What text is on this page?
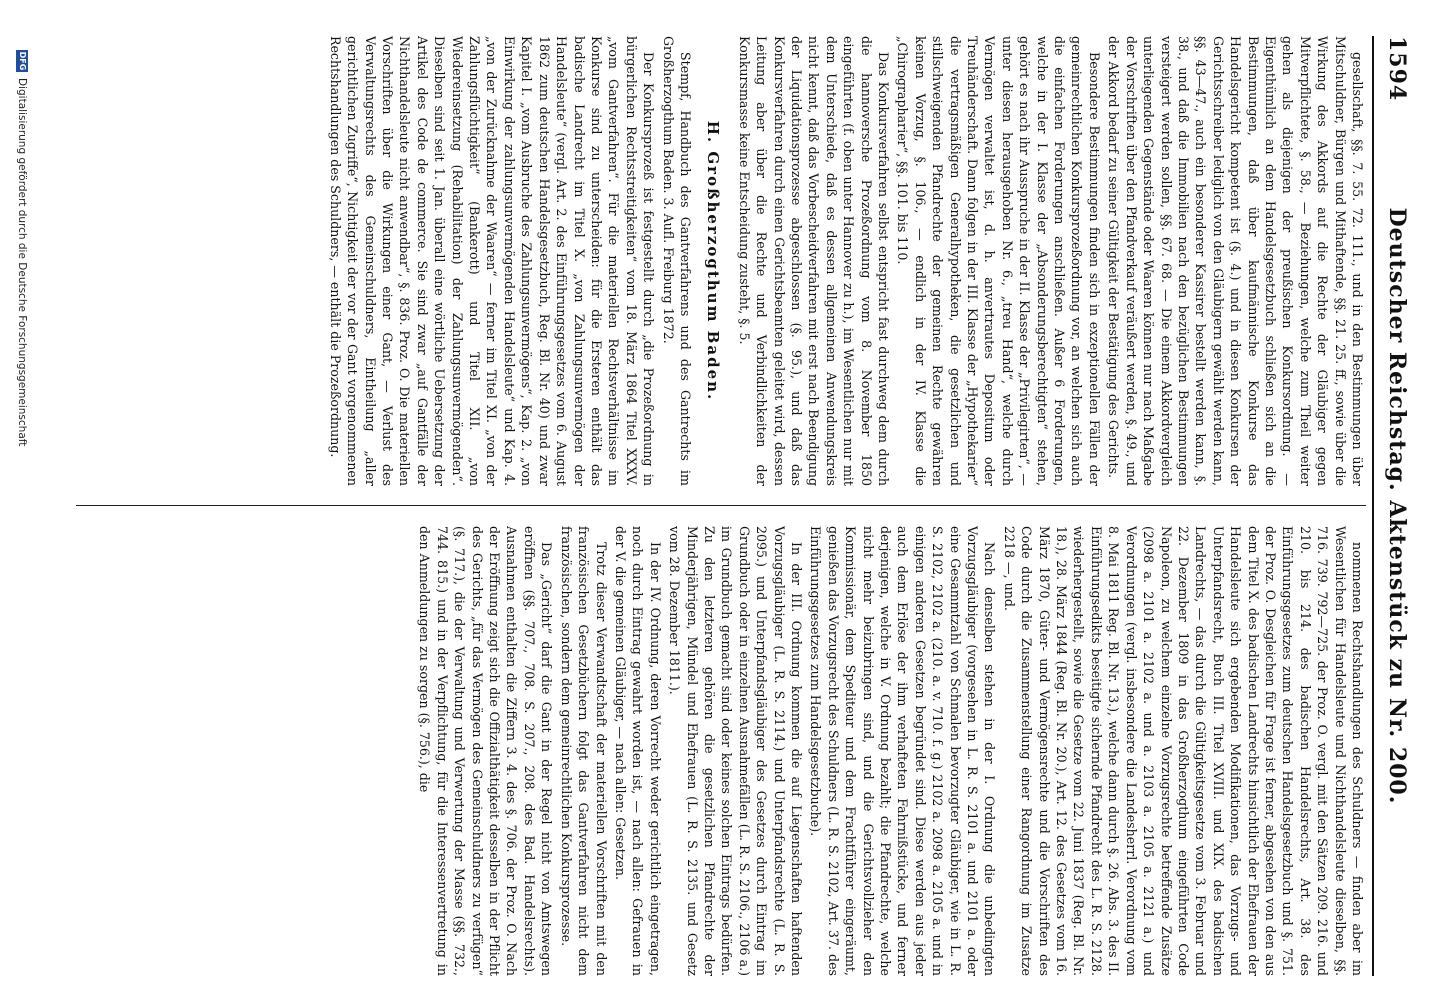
1594
Deutscher Reichstag. Aktenstück zu Nr. 200.

gesellschaft, §§. 7. 55. 72. 111., und in den Bestimmungen über Mitschuldner, Bürgen und Mithaftende, §§. 21. 25. ff., sowie über die Wirkung des Akkords auf die Rechte der Gläubiger gegen Mitverpflichtete, §. 58., — Beziehungen, welche zum Theil weiter gehen als diejenigen der preußischen Konkursordnung. — Eigenthümlich an dem Handelsgesetzbuch schließen sich an die Bestimmungen, daß über kaufmännische Konkurse das Handelsgericht kompetent ist (§. 4.) und in diesen Konkursen der Gerichtsschreiber lediglich von den Gläubigern gewählt werden kann, §§. 43—47., auch ein besonderer Kassirer bestellt werden kann, §. 38., und daß die Immobilien nach den bezüglichen Bestimmungen versteigert werden sollen, §§. 67. 68. — Die einem Akkordvergleich unterliegenden Gegenstände oder Waaren können nur nach Maßgabe der Vorschriften über den Pfandverkauf veräußert werden, §. 49., und der Akkord bedarf zu seiner Gültigkeit der Bestätigung des Gerichts.

Besondere Bestimmungen finden sich in exzeptionellen Fällen der gemeinrechtlichen Konkursprozeßordnung vor, an welchen sich auch die einfachen Forderungen anschließen. Außer 6 Forderungen, welche in der I. Klasse der „Absonderungsberechtigten“ stehen, gehört es nach ihr Ausspruche in der II. Klasse der „Privilegirten“, — unter diesen herausgehoben Nr. 6., „treu Hand“, welche durch Vermögen verwaltet ist, d. h. anvertrautes Depositum oder Treuhänderschaft. Dann folgen in der III. Klasse der „Hypothekarier“ die vertragsmäßigen Generalhypotheken, die gesetzlichen und stillschweigenden Pfandrechte der gemeinen Rechte gewähren keinen Vorzug, §. 106., — endlich in der IV. Klasse die „Chirographarier“, §§. 101. bis 110.

Das Konkursverfahren selbst entspricht fast durchweg dem durch die hannoversche Prozeßordnung vom 8. November 1850 eingeführten (f. oben unter Hannover zu h.), im Wesentlichen nur mit dem Unterschiede, daß es dessen allgemeinen Anwendungskreis nicht kennt, daß das Vorbescheidverfahren mit erst nach Beendigung der Liquidationsprozesse abgeschlossen (§. 95.), und daß das Konkursverfahren durch einen Gerichtsbeamten geleitet wird, dessen Leitung aber über die Rechte und Verbindlichkeiten der Konkursmasse keine Entscheidung zusteht, §. 5.

H. Großherzogthum Baden.

Stempf, Handbuch des Gantverfahrens und des Gantrechts im Großherzogthum Baden. 3. Aufl. Freiburg 1872.

Der Konkursprozeß ist festgestellt durch „die Prozeßordnung in bürgerlichen Rechtsstreitigkeiten“ vom 18. März 1864 Titel XXXV. „vom Gantverfahren“. Für die materiellen Rechtsverhältnisse im Konkurse sind zu unterscheiden: für die Ersteren enthält das badische Landrecht im Titel X. „von Zahlungsunvermögen der Handelsleute“ (vergl. Art. 2. des Einführungsgesetzes vom 6. August 1862 zum deutschen Handelsgesetzbuch, Reg. Bl. Nr. 40) und zwar Kapitel I. „vom Ausbruche des Zahlungsunvermögens“, Kap. 2. „von Einwirkung der zahlungsunvermögenden Handelsleute“ und Kap. 4. „von der Zurücknahme der Waaren“ — ferner im Titel XI. „von der Zahlungsflüchtigkeit“ (Bankerott) und Titel XII. „von Wiedereinsetzung (Rehabilitation) der Zahlungsunvermögenden“. Dieselben sind seit 1. Jan. überall eine wörtliche Uebersetzung der Artikel des Code de commerce. Sie sind zwar „auf Gantfälle der Nichthandelsleute nicht anwendbar“, §. 836. Proz. O. Die materiellen Vorschriften über die Wirkungen einer Gant, — Verlust des Verwaltungsrechts des Gemeinschuldners, Eintheilung „aller gerichtlichen Zugriffe“, Nichtigkeit der vor der Gant vorgenommenen Rechtshandlungen des Schuldners, — enthält die Prozeßordnung.

nommenen Rechtshandlungen des Schuldners — finden aber im Wesentlichen für Handelsleute und Nichthandelsleute dieselben, §§. 716. 739. 792—725. der Proz. O. vergl. mit den Sätzen 209. 216. und 210. bis 214. des badischen Handelsrechts, Art. 38. des Einführungsgesetzes zum deutschen Handelsgesetzbuch und §. 751. der Proz. O. Desgleichen für Frage ist ferner, abgesehen von den aus dem Titel X. des badischen Landrechts hinsichtlich der Ehefrauen der Handelsleute sich ergebenden Modifikationen, das Vorzugs- und Unterpfandsrecht, Buch III. Titel XVIII. und XIX. des badischen Landrechts, — das durch die Gültigkeitsgesetze vom 3. Februar und 22. Dezember 1809 in das Großherzogthum eingeführten Code Napoleon, zu welchem einzelne Vorzugsrechte betreffende Zusätze (2098 a. 2101 a. 2102 a. und a. 2103 a. 2105 a. 2121 a.) und Verordnungen (vergl. insbesondere die Landesherrl. Verordnung vom 8. Mai 1811 Reg. Bl. Nr. 13.), welche dann durch §. 26. Abs. 3. des II. Einführungsedikts beseitigte sichernde Pfandrecht des L. R. S. 2128. wiederhergestellt, sowie die Gesetze vom 22. Juni 1837 (Reg. Bl. Nr. 18.), 28. März 1844 (Reg. Bl. Nr. 20.), Art. 12. des Gesetzes vom 16. März 1870, Güter- und Vermögensrechte und die Vorschriften des Code durch die Zusammenstellung einer Rangordnung im Zusatze 2218 —, und.

Nach denselben stehen in der I. Ordnung die unbedingten Vorzugsgläubiger (vorgesehen in L. R. S. 2101 a. und 2101 a. oder eine Gesammtzahl von Schmalen bevorzugter Gläubiger, wie in L. R. S. 2102, 2102 a. (210. a. v. 710. f. g.) 2102 a. 2098 a. 2105 a. und in einigen anderen Gesetzen begründet sind. Diese werden aus jeder auch dem Erlöse der ihm verhafteten Fahrnißstücke, und ferner derjenigen, welche in V. Ordnung bezahlt; die Pfandrechte, welche nicht mehr beizubringen sind, und die Gerichtsvollzieher den Kommissionär, dem Spediteur und dem Frachtführer eingeräumt, genießen das Vorzugsrecht des Schuldners (L. R. S. 2102, Art. 37. des Einführungsgesetzes zum Handelsgesetzbuche).

In der III. Ordnung kommen die auf Liegenschaften haftenden Vorzugsgläubiger (L. R. S. 2114.) und Unterpfandsrechte (L. R. S. 2095.) und Unterpfandsgläubiger des Gesetzes durch Eintrag im Grundbuch oder in einzelnen Ausnahmefällen (L. R. S. 2106., 2106 a.) im Grundbuch gemacht sind oder keines solchen Eintrags bedürfen. Zu den letzteren gehören die gesetzlichen Pfandrechte der Minderjährigen, Mündel und Ehefrauen (L. R. S. 2135. und Gesetz vom 28. Dezember 1811.).

In der IV. Ordnung, deren Vorrecht weder gerichtlich eingetragen, noch durch Eintrag gewahrt worden ist, — nach allen: Gefrauen in der V. die gemeinen Gläubiger, — nach allen: Gesetzen.

Trotz dieser Verwandtschaft der materiellen Vorschriften mit den französischen Gesetzbüchern folgt das Gantverfahren nicht dem französischen, sondern dem gemeinrechtlichen Konkursprozesse.

Das „Gericht“ darf die Gant in der Regel nicht von Amtswegen eröffnen (§§. 707., 708. S. 207., 208. des Bad. Handelsrechts). Ausnahmen enthalten die Ziffern 3. 4. des §. 706. der Proz. O. Nach der Eröffnung zeigt sich die Offizialthätigkeit desselben in der Pflicht des Gerichts, „für das Vermögen des Gemeinschuldners zu verfügen“ (§. 717.), die der Verwaltung und Verwertung der Masse (§§. 732., 744. 815.) und in der Verpflichtung, für die Interessenvertretung in den Anmeldungen zu sorgen (§. 756.), die

DFG
Digitalisierung gefördert durch die Deutsche Forschungsgemeinschaft
